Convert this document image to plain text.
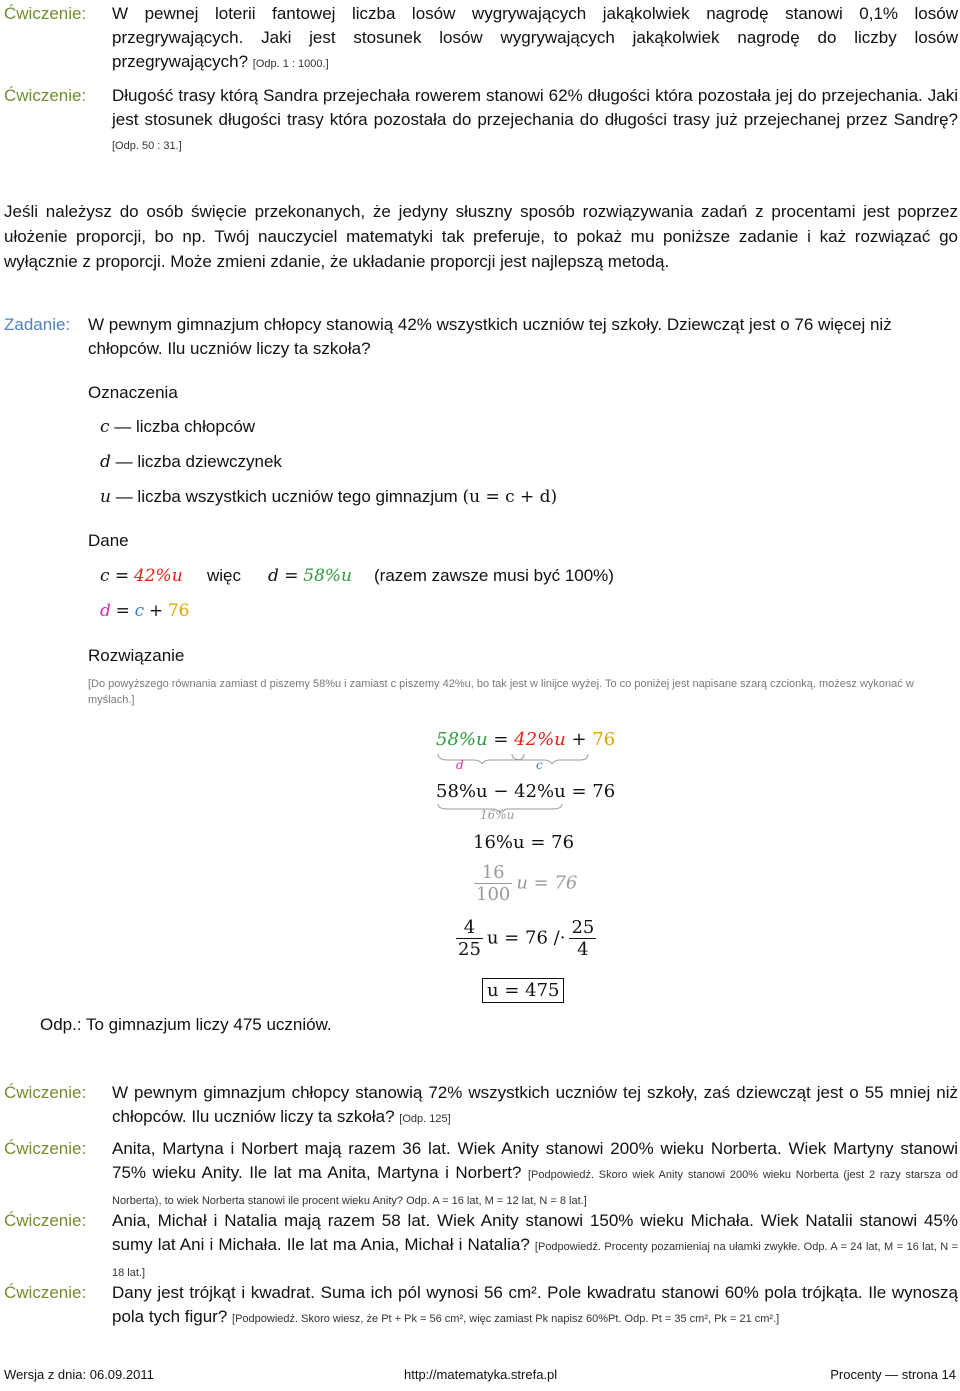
Ćwiczenie: W pewnej loterii fantowej liczba losów wygrywających jakąkolwiek nagrodę stanowi 0,1% losów przegrywających. Jaki jest stosunek losów wygrywających jakąkolwiek nagrodę do liczby losów przegrywających? [Odp. 1 : 1000.]
Ćwiczenie: Długość trasy którą Sandra przejechała rowerem stanowi 62% długości która pozostała jej do przejechania. Jaki jest stosunek długości trasy która pozostała do przejechania do długości trasy już przejechanej przez Sandrę? [Odp. 50 : 31.]
Jeśli należysz do osób święcie przekonanych, że jedyny słuszny sposób rozwiązywania zadań z procentami jest poprzez ułożenie proporcji, bo np. Twój nauczyciel matematyki tak preferuje, to pokaż mu poniższe zadanie i każ rozwiązać go wyłącznie z proporcji. Może zmieni zdanie, że układanie proporcji jest najlepszą metodą.
Zadanie: W pewnym gimnazjum chłopcy stanowią 42% wszystkich uczniów tej szkoły. Dziewcząt jest o 76 więcej niż chłopców. Ilu uczniów liczy ta szkoła?
Oznaczenia
c — liczba chłopców
d — liczba dziewczynek
u — liczba wszystkich uczniów tego gimnazjum (u = c + d)
Dane
c = 42%u więc d = 58%u (razem zawsze musi być 100%)
d = c + 76
Rozwiązanie
[Do powyższego równania zamiast d piszemy 58%u i zamiast c piszemy 42%u, bo tak jest w linijce wyżej. To co poniżej jest napisane szarą czcionką, możesz wykonać w myślach.]
58%u = 42%u + 76
d	c
58%u − 42%u = 76
16%u
16%u = 76
$\frac{16}{100}$ u = 76
$\frac{4}{25}$ $u = 76 /\cdot \frac{25}{4}$
u = 475
Odp.: To gimnazjum liczy 475 uczniów.
Ćwiczenie: W pewnym gimnazjum chłopcy stanowią 72% wszystkich uczniów tej szkoły, zaś dziewcząt jest o 55 mniej niż chłopców. Ilu uczniów liczy ta szkoła? [Odp. 125]
Ćwiczenie: Anita, Martyna i Norbert mają razem 36 lat. Wiek Anity stanowi 200% wieku Norberta. Wiek Martyny stanowi 75% wieku Anity. Ile lat ma Anita, Martyna i Norbert? [Podpowiedź. Skoro wiek Anity stanowi 200% wieku Norberta (jest 2 razy starsza od Norberta), to wiek Norberta stanowi ile procent wieku Anity? Odp. A = 16 lat, M = 12 lat, N = 8 lat.]
Ćwiczenie: Ania, Michał i Natalia mają razem 58 lat. Wiek Anity stanowi 150% wieku Michała. Wiek Natalii stanowi 45% sumy lat Ani i Michała. Ile lat ma Ania, Michał i Natalia? [Podpowiedź. Procenty pozamieniaj na ułamki zwykłe. Odp. A = 24 lat, M = 16 lat, N = 18 lat.]
Ćwiczenie: Dany jest trójkąt i kwadrat. Suma ich pól wynosi 56 cm². Pole kwadratu stanowi 60% pola trójkąta. Ile wynoszą pola tych figur? [Podpowiedź. Skoro wiesz, że Pt + Pk = 56 cm², więc zamiast Pk napisz 60%Pt. Odp. Pt = 35 cm², Pk = 21 cm².]
Wersja z dnia: 06.09.2011	http://matematyka.strefa.pl	Procenty — strona 14
